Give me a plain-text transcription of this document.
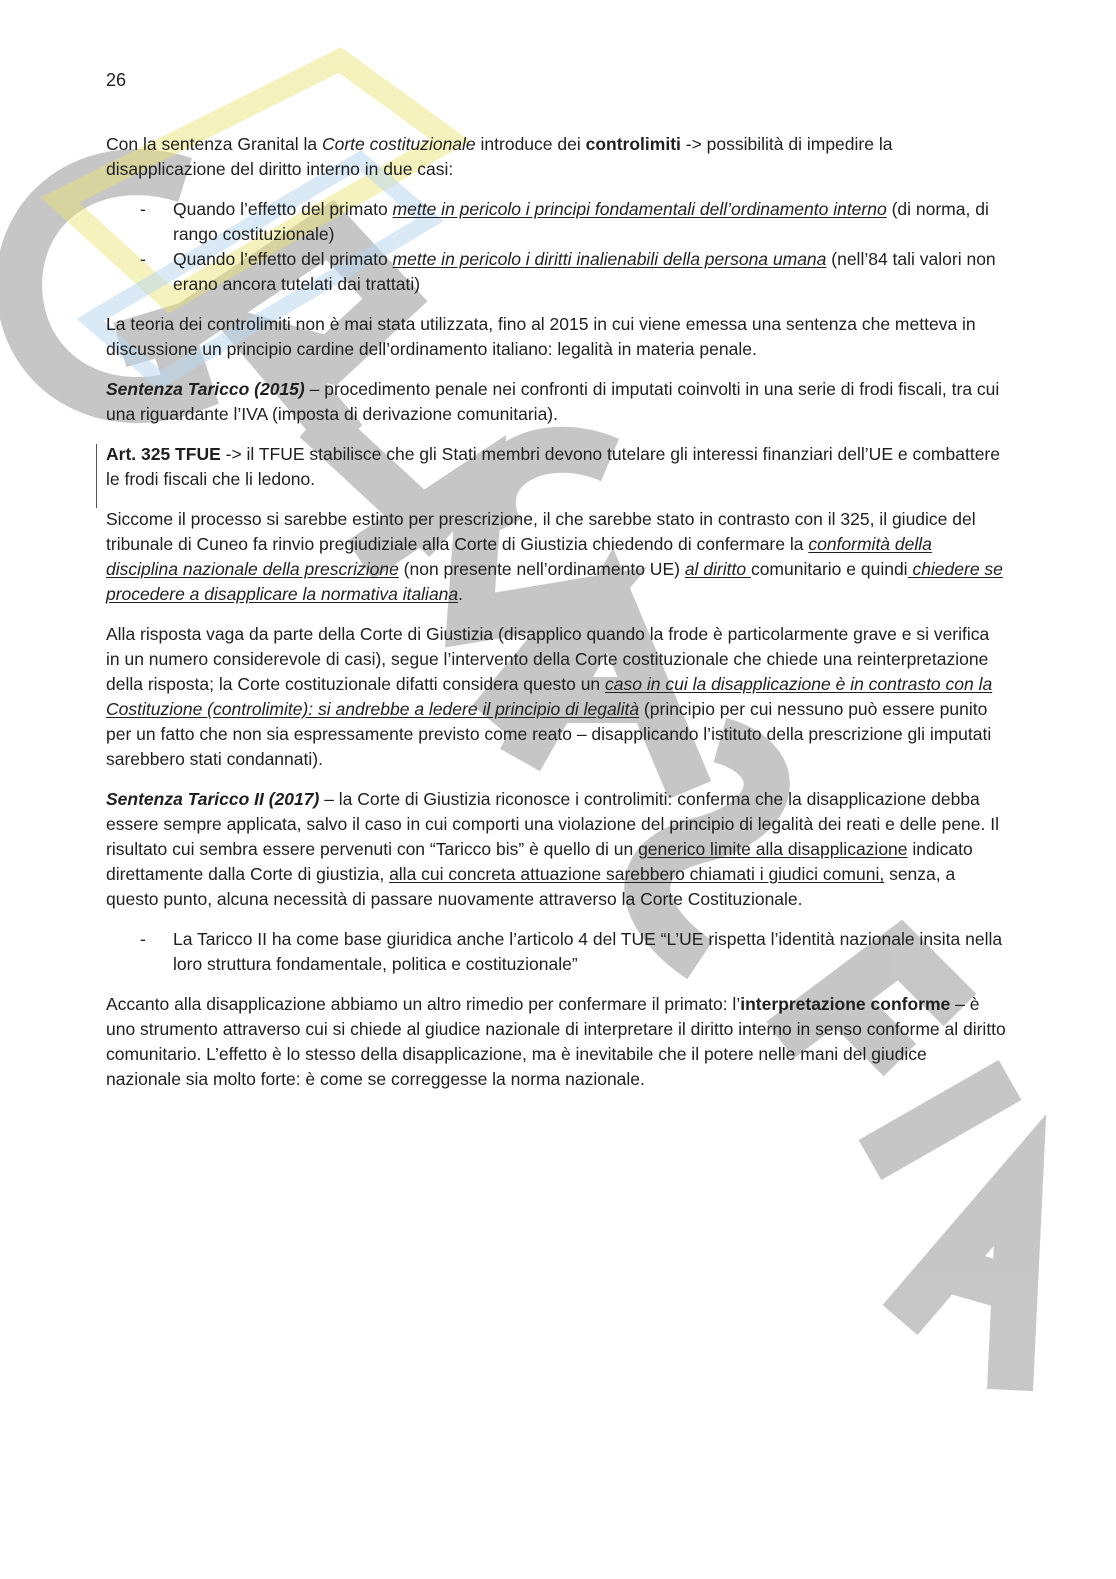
26

Con la sentenza Granital la Corte costituzionale introduce dei controlimiti -> possibilità di impedire la disapplicazione del diritto interno in due casi:

- Quando l’effetto del primato mette in pericolo i principi fondamentali dell’ordinamento interno (di norma, di rango costituzionale)
- Quando l’effetto del primato mette in pericolo i diritti inalienabili della persona umana (nell’84 tali valori non erano ancora tutelati dai trattati)

La teoria dei controlimiti non è mai stata utilizzata, fino al 2015 in cui viene emessa una sentenza che metteva in discussione un principio cardine dell’ordinamento italiano: legalità in materia penale.

Sentenza Taricco (2015) – procedimento penale nei confronti di imputati coinvolti in una serie di frodi fiscali, tra cui una riguardante l’IVA (imposta di derivazione comunitaria).

Art. 325 TFUE -> il TFUE stabilisce che gli Stati membri devono tutelare gli interessi finanziari dell’UE e combattere le frodi fiscali che li ledono.

Siccome il processo si sarebbe estinto per prescrizione, il che sarebbe stato in contrasto con il 325, il giudice del tribunale di Cuneo fa rinvio pregiudiziale alla Corte di Giustizia chiedendo di confermare la conformità della disciplina nazionale della prescrizione (non presente nell’ordinamento UE) al diritto comunitario e quindi chiedere se procedere a disapplicare la normativa italiana.

Alla risposta vaga da parte della Corte di Giustizia (disapplico quando la frode è particolarmente grave e si verifica in un numero considerevole di casi), segue l’intervento della Corte costituzionale che chiede una reinterpretazione della risposta; la Corte costituzionale difatti considera questo un caso in cui la disapplicazione è in contrasto con la Costituzione (controlimite): si andrebbe a ledere il principio di legalità (principio per cui nessuno può essere punito per un fatto che non sia espressamente previsto come reato – disapplicando l’istituto della prescrizione gli imputati sarebbero stati condannati).

Sentenza Taricco II (2017) – la Corte di Giustizia riconosce i controlimiti: conferma che la disapplicazione debba essere sempre applicata, salvo il caso in cui comporti una violazione del principio di legalità dei reati e delle pene. Il risultato cui sembra essere pervenuti con “Taricco bis” è quello di un generico limite alla disapplicazione indicato direttamente dalla Corte di giustizia, alla cui concreta attuazione sarebbero chiamati i giudici comuni, senza, a questo punto, alcuna necessità di passare nuovamente attraverso la Corte Costituzionale.

- La Taricco II ha come base giuridica anche l’articolo 4 del TUE “L’UE rispetta l’identità nazionale insita nella loro struttura fondamentale, politica e costituzionale”

Accanto alla disapplicazione abbiamo un altro rimedio per confermare il primato: l’interpretazione conforme – è uno strumento attraverso cui si chiede al giudice nazionale di interpretare il diritto interno in senso conforme al diritto comunitario. L’effetto è lo stesso della disapplicazione, ma è inevitabile che il potere nelle mani del giudice nazionale sia molto forte: è come se correggesse la norma nazionale.
